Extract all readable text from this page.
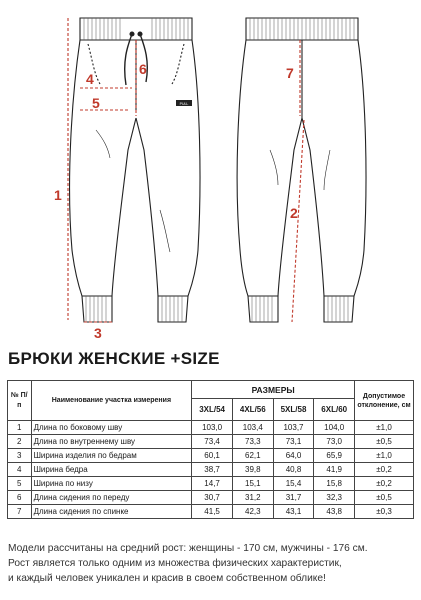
PULL
1
2
3
4
5
6	7
БРЮКИ ЖЕНСКИЕ +SIZE
№ П/п	Наименование участка измерения	РАЗМЕРЫ				Допустимое отклонение, см
		3XL/54	4XL/56	5XL/58	6XL/60	
1	Длина по боковому шву	103,0	103,4	103,7	104,0	±1,0
2	Длина по внутреннему шву	73,4	73,3	73,1	73,0	±0,5
3	Ширина изделия по бедрам	60,1	62,1	64,0	65,9	±1,0
4	Ширина бедра	38,7	39,8	40,8	41,9	±0,2
5	Ширина по низу	14,7	15,1	15,4	15,8	±0,2
6	Длина сидения по переду	30,7	31,2	31,7	32,3	±0,5
7	Длина сидения по спинке	41,5	42,3	43,1	43,8	±0,3
Модели рассчитаны на средний рост: женщины - 170 см, мужчины - 176 см.
Рост является только одним из множества физических характеристик,
и каждый человек уникален и красив в своем собственном облике!
